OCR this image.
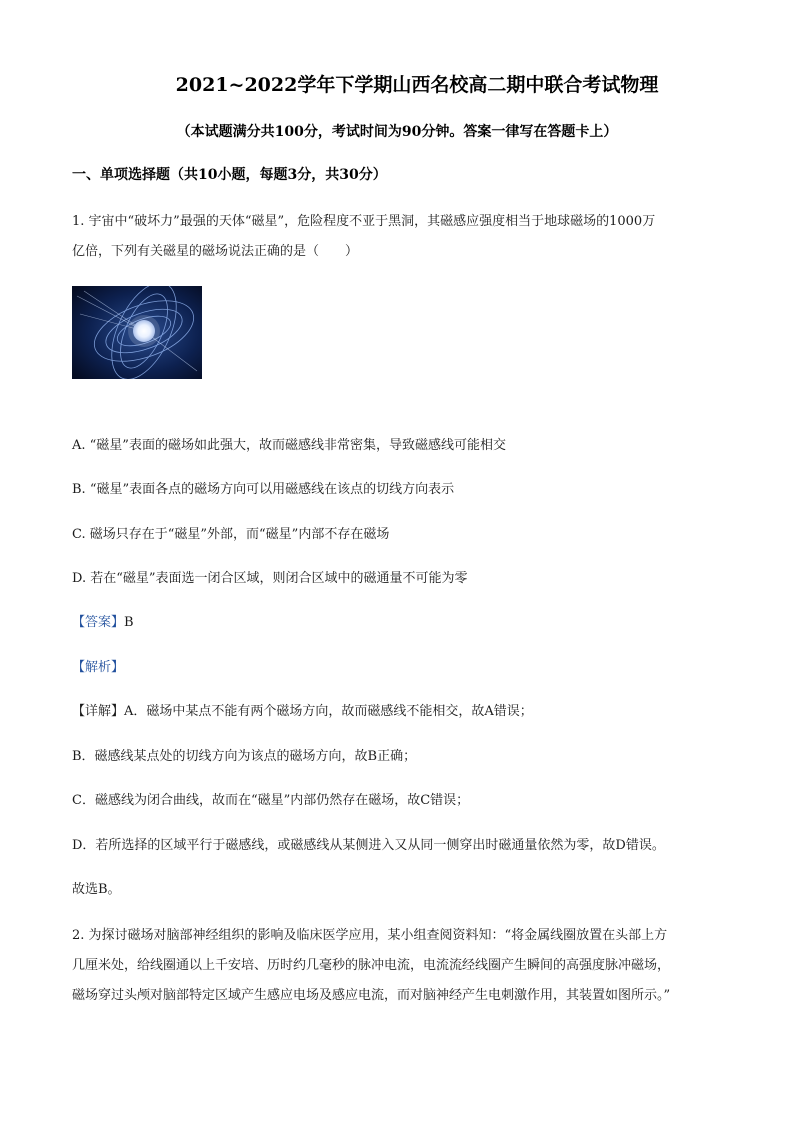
2021~2022学年下学期山西名校高二期中联合考试物理
（本试题满分共100分，考试时间为90分钟。答案一律写在答题卡上）
一、单项选择题（共10小题，每题3分，共30分）
1. 宇宙中“破坏力”最强的天体“磁星”，危险程度不亚于黑洞，其磁感应强度相当于地球磁场的1000万
亿倍，下列有关磁星的磁场说法正确的是（　　）
A. “磁星”表面的磁场如此强大，故而磁感线非常密集，导致磁感线可能相交
B. “磁星”表面各点的磁场方向可以用磁感线在该点的切线方向表示
C. 磁场只存在于“磁星”外部，而“磁星”内部不存在磁场
D. 若在“磁星”表面选一闭合区域，则闭合区域中的磁通量不可能为零
【答案】B
【解析】
【详解】A．磁场中某点不能有两个磁场方向，故而磁感线不能相交，故A错误；
B．磁感线某点处的切线方向为该点的磁场方向，故B正确；
C．磁感线为闭合曲线，故而在“磁星”内部仍然存在磁场，故C错误；
D．若所选择的区域平行于磁感线，或磁感线从某侧进入又从同一侧穿出时磁通量依然为零，故D错误。
故选B。
2. 为探讨磁场对脑部神经组织的影响及临床医学应用，某小组查阅资料知：“将金属线圈放置在头部上方
几厘米处，给线圈通以上千安培、历时约几毫秒的脉冲电流，电流流经线圈产生瞬间的高强度脉冲磁场，
磁场穿过头颅对脑部特定区域产生感应电场及感应电流，而对脑神经产生电刺激作用，其装置如图所示。”
